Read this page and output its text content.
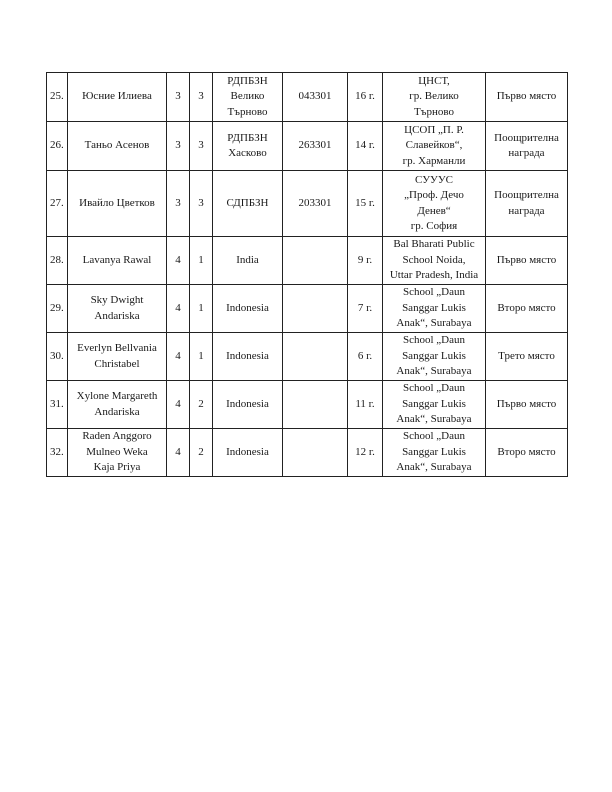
25.	Юсние Илиева	3	3	РДПБЗН
Велико
Търново	043301	16 г.	ЦНСТ,
гр. Велико
Търново	Първо място

26.	Таньо Асенов	3	3	РДПБЗН
Хасково	263301	14 г.	ЦСОП „П. Р.
Славейков“,
гр. Харманли	Поощрителна
награда

27.	Ивайло Цветков	3	3	СДПБЗН	203301	15 г.	СУУУС
„Проф. Дечо
Денев“
гр. София	Поощрителна
награда

28.	Lavanya Rawal	4	1	India		9 г.	Bal Bharati Public
School Noida,
Uttar Pradesh, India	Първо място

29.	Sky Dwight
Andariska	4	1	Indonesia		7 г.	School „Daun
Sanggar Lukis
Anak“, Surabaya	Второ място

30.	Everlyn Bellvania
Christabel	4	1	Indonesia		6 г.	School „Daun
Sanggar Lukis
Anak“, Surabaya	Трето място

31.	Xylone Margareth
Andariska	4	2	Indonesia		11 г.	School „Daun
Sanggar Lukis
Anak“, Surabaya	Първо място

32.	Raden Anggoro
Mulneo Weka
Kaja Priya	4	2	Indonesia		12 г.	School „Daun
Sanggar Lukis
Anak“, Surabaya	Второ място
